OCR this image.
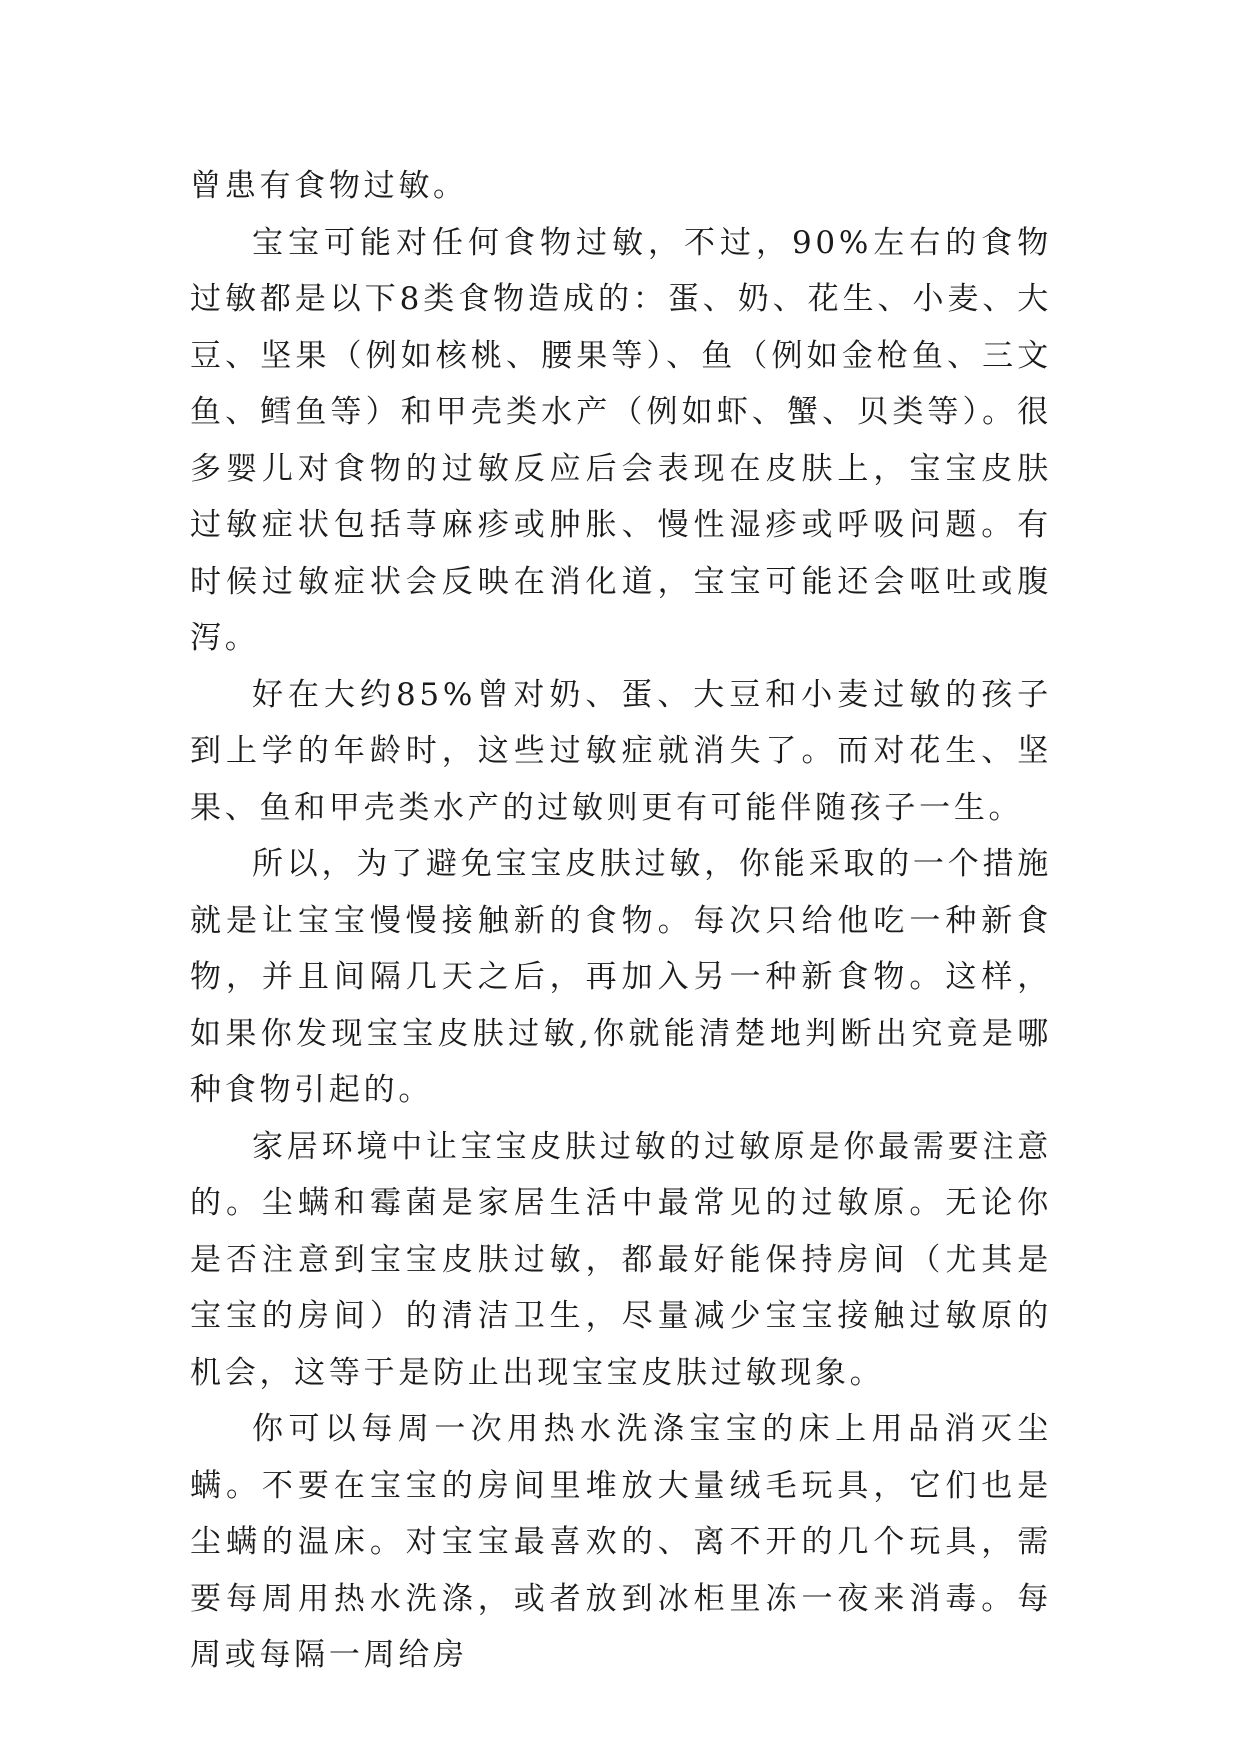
曾患有食物过敏。

宝宝可能对任何食物过敏，不过，90%左右的食物过敏都是以下8类食物造成的：蛋、奶、花生、小麦、大豆、坚果（例如核桃、腰果等）、鱼（例如金枪鱼、三文鱼、鳕鱼等）和甲壳类水产（例如虾、蟹、贝类等）。很多婴儿对食物的过敏反应后会表现在皮肤上，宝宝皮肤过敏症状包括荨麻疹或肿胀、慢性湿疹或呼吸问题。有时候过敏症状会反映在消化道，宝宝可能还会呕吐或腹泻。

好在大约85%曾对奶、蛋、大豆和小麦过敏的孩子到上学的年龄时，这些过敏症就消失了。而对花生、坚果、鱼和甲壳类水产的过敏则更有可能伴随孩子一生。

所以，为了避免宝宝皮肤过敏，你能采取的一个措施就是让宝宝慢慢接触新的食物。每次只给他吃一种新食物，并且间隔几天之后，再加入另一种新食物。这样，如果你发现宝宝皮肤过敏,你就能清楚地判断出究竟是哪种食物引起的。

家居环境中让宝宝皮肤过敏的过敏原是你最需要注意的。尘螨和霉菌是家居生活中最常见的过敏原。无论你是否注意到宝宝皮肤过敏，都最好能保持房间（尤其是宝宝的房间）的清洁卫生，尽量减少宝宝接触过敏原的机会，这等于是防止出现宝宝皮肤过敏现象。

你可以每周一次用热水洗涤宝宝的床上用品消灭尘螨。不要在宝宝的房间里堆放大量绒毛玩具，它们也是尘螨的温床。对宝宝最喜欢的、离不开的几个玩具，需要每周用热水洗涤，或者放到冰柜里冻一夜来消毒。每周或每隔一周给房
